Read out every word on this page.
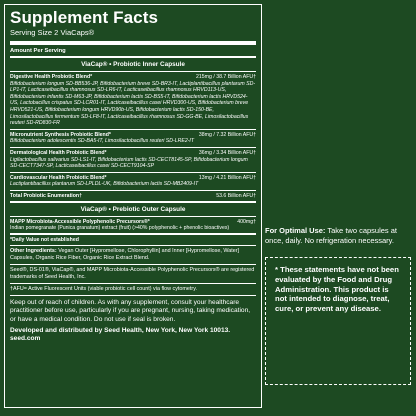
Supplement Facts
Serving Size 2 ViaCaps®
Amount Per Serving
ViaCap® • Probiotic Inner Capsule
Digestive Health Probiotic Blend*	215mg / 38.7 Billion AFU†
Bifidobacterium longum SD-BB536-JP, Bifidobacterium breve SD-BR3-IT, Lactiplantibacillus plantarum SD-LP1-IT, Lacticaseibacillus rhamnosus SD-LR6-IT, Lacticaseibacillus rhamnosus HRVD113-US, Bifidobacterium infantis SD-M63-JP, Bifidobacterium lactis SD-BS5-IT, Bifidobacterium lactis HRVD524-US, Lactobacillus crispatus SD-LCR01-IT, Lacticaseibacillus casei HRVD300-US, Bifidobacterium breve HRVD521-US, Bifidobacterium longum HRVD90b-US, Bifidobacterium lactis SD-150-BE, Limosilactobacillus fermentum SD-LF8-IT, Lacticaseibacillus rhamnosus SD-GG-BE, Limosilactobacillus reuteri SD-RD830-FR
Micronutrient Synthesis Probiotic Blend*	38mg / 7.32 Billion AFU†
Bifidobacterium adolescentis SD-BA5-IT, Limosilactobacillus reuteri SD-LRE2-IT
Dermatological Health Probiotic Blend*	36mg / 3.34 Billion AFU†
Ligilactobacillus salivarius SD-LS1-IT, Bifidobacterium lactis SD-CECT8145-SP, Bifidobacterium longum SD-CECT7347-SP, Lacticaseibacillus casei SD-CECT9104-SP
Cardiovascular Health Probiotic Blend*	13mg / 4.21 Billion AFU†
Lactiplantibacillus plantarum SD-LPLDL-UK, Bifidobacterium lactis SD-MB2409-IT
Total Probiotic Enumeration†	53.6 Billion AFU†
ViaCap® • Prebiotic Outer Capsule
MAPP Microbiota-Accessible Polyphenolic Precursors®*	400mg†
Indian pomegranate (Punica granatum) extract (fruit) (>40% polyphenolic + phenolic bioactives)
*Daily Value not established
Other Ingredients: Vegan Outer [Hypromellose, Chlorophyllin] and Inner [Hypromellose, Water] Capsules, Organic Rice Fiber, Organic Rice Extract Blend.
Seed®, DS-01®, ViaCap®, and MAPP Microbiota-Accessible Polyphenolic Precursors® are registered trademarks of Seed Health, Inc.
†AFU= Active Fluorescent Units (viable probiotic cell count) via flow cytometry.
Keep out of reach of children. As with any supplement, consult your healthcare practitioner before use, particularly if you are pregnant, nursing, taking medication, or have a medical condition. Do not use if seal is broken.
Developed and distributed by Seed Health, New York, New York 10013. seed.com
For Optimal Use: Take two capsules at once, daily. No refrigeration necessary.
* These statements have not been evaluated by the Food and Drug Administration. This product is not intended to diagnose, treat, cure, or prevent any disease.
